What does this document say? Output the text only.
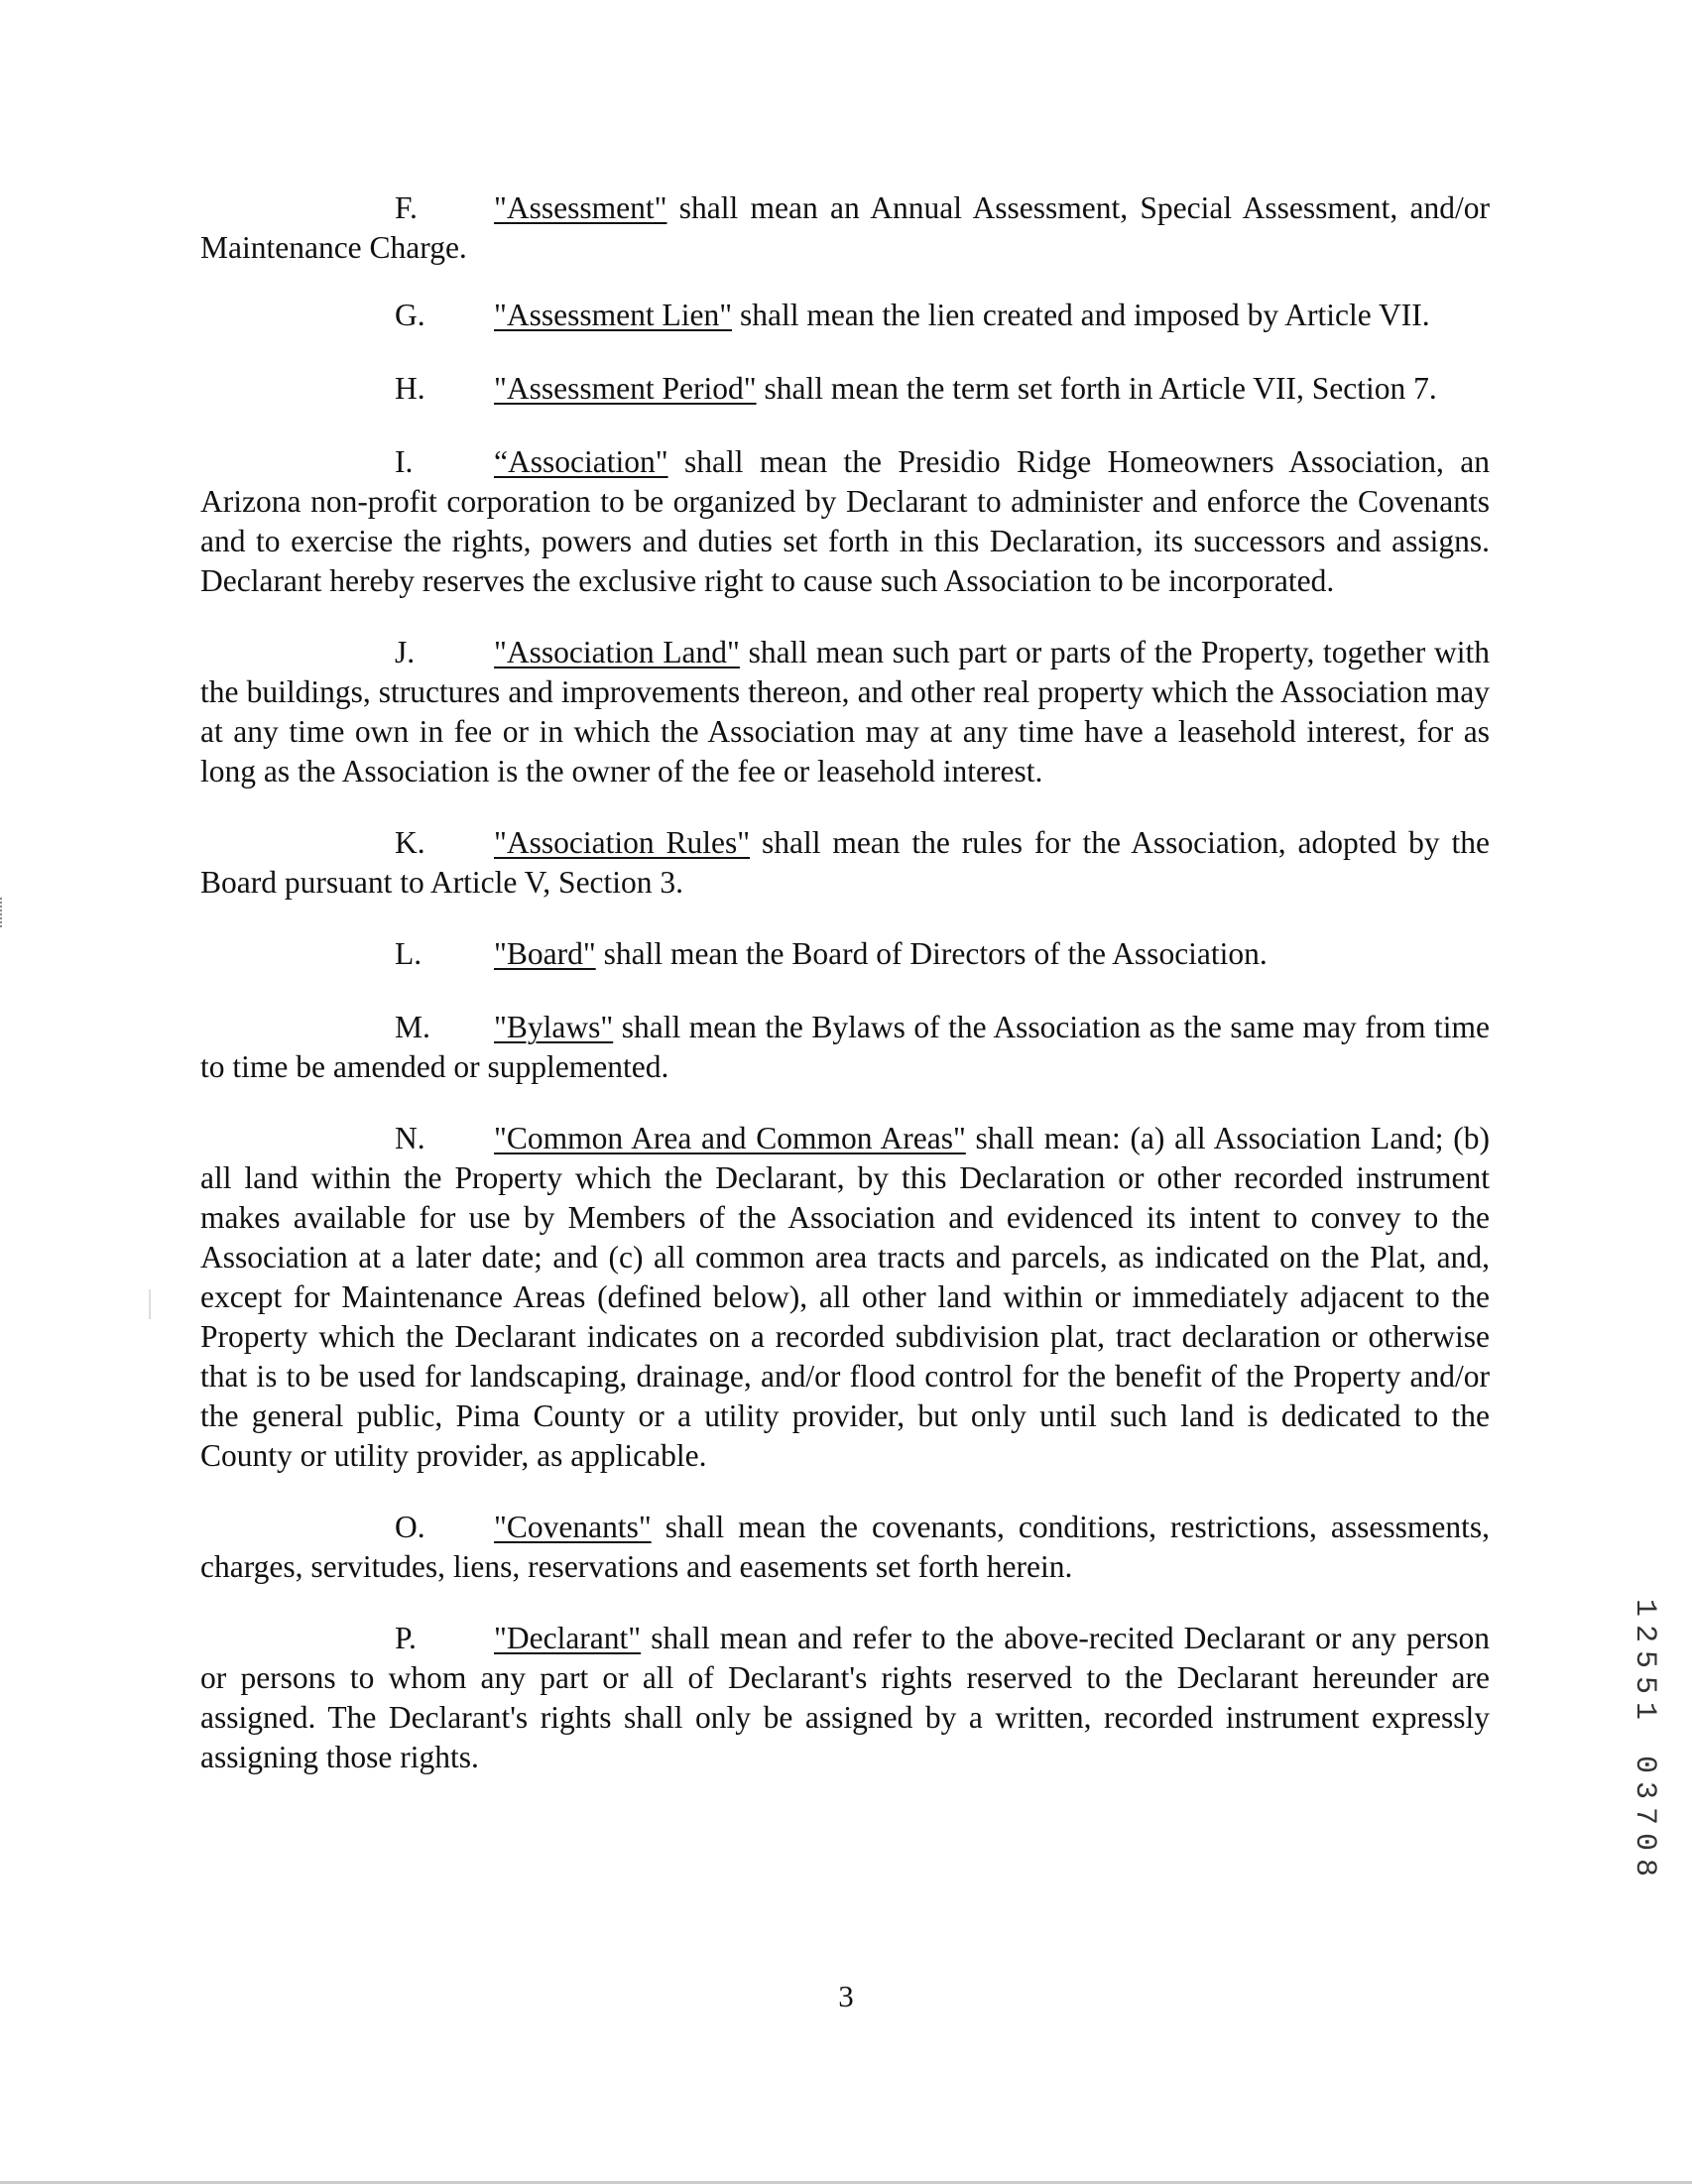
F. "Assessment" shall mean an Annual Assessment, Special Assessment, and/or Maintenance Charge.

G. "Assessment Lien" shall mean the lien created and imposed by Article VII.

H. "Assessment Period" shall mean the term set forth in Article VII, Section 7.

I.	“Association" shall mean the Presidio Ridge Homeowners Association, an Arizona non-profit corporation to be organized by Declarant to administer and enforce the Covenants and to exercise the rights, powers and duties set forth in this Declaration, its successors and assigns. Declarant hereby reserves the exclusive right to cause such Association to be incorporated.

J.	"Association Land" shall mean such part or parts of the Property, together with the buildings, structures and improvements thereon, and other real property which the Association may at any time own in fee or in which the Association may at any time have a leasehold interest, for as long as the Association is the owner of the fee or leasehold interest.

K. "Association Rules" shall mean the rules for the Association, adopted by the Board pursuant to Article V, Section 3.

L. "Board" shall mean the Board of Directors of the Association.

M. "Bylaws" shall mean the Bylaws of the Association as the same may from time to time be amended or supplemented.

N. "Common Area and Common Areas" shall mean: (a) all Association Land; (b) all land within the Property which the Declarant, by this Declaration or other recorded instrument makes available for use by Members of the Association and evidenced its intent to convey to the Association at a later date; and (c) all common area tracts and parcels, as indicated on the Plat, and, except for Maintenance Areas (defined below), all other land within or immediately adjacent to the Property which the Declarant indicates on a recorded subdivision plat, tract declaration or otherwise that is to be used for landscaping, drainage, and/or flood control for the benefit of the Property and/or the general public, Pima County or a utility provider, but only until such land is dedicated to the County or utility provider, as applicable.

O. "Covenants" shall mean the covenants, conditions, restrictions, assessments, charges, servitudes, liens, reservations and easements set forth herein.

P. "Declarant" shall mean and refer to the above-recited Declarant or any person or persons to whom any part or all of Declarant's rights reserved to the Declarant hereunder are assigned. The Declarant's rights shall only be assigned by a written, recorded instrument expressly assigning those rights.

1
2
5
5
1
0
3
7
0
8
3
